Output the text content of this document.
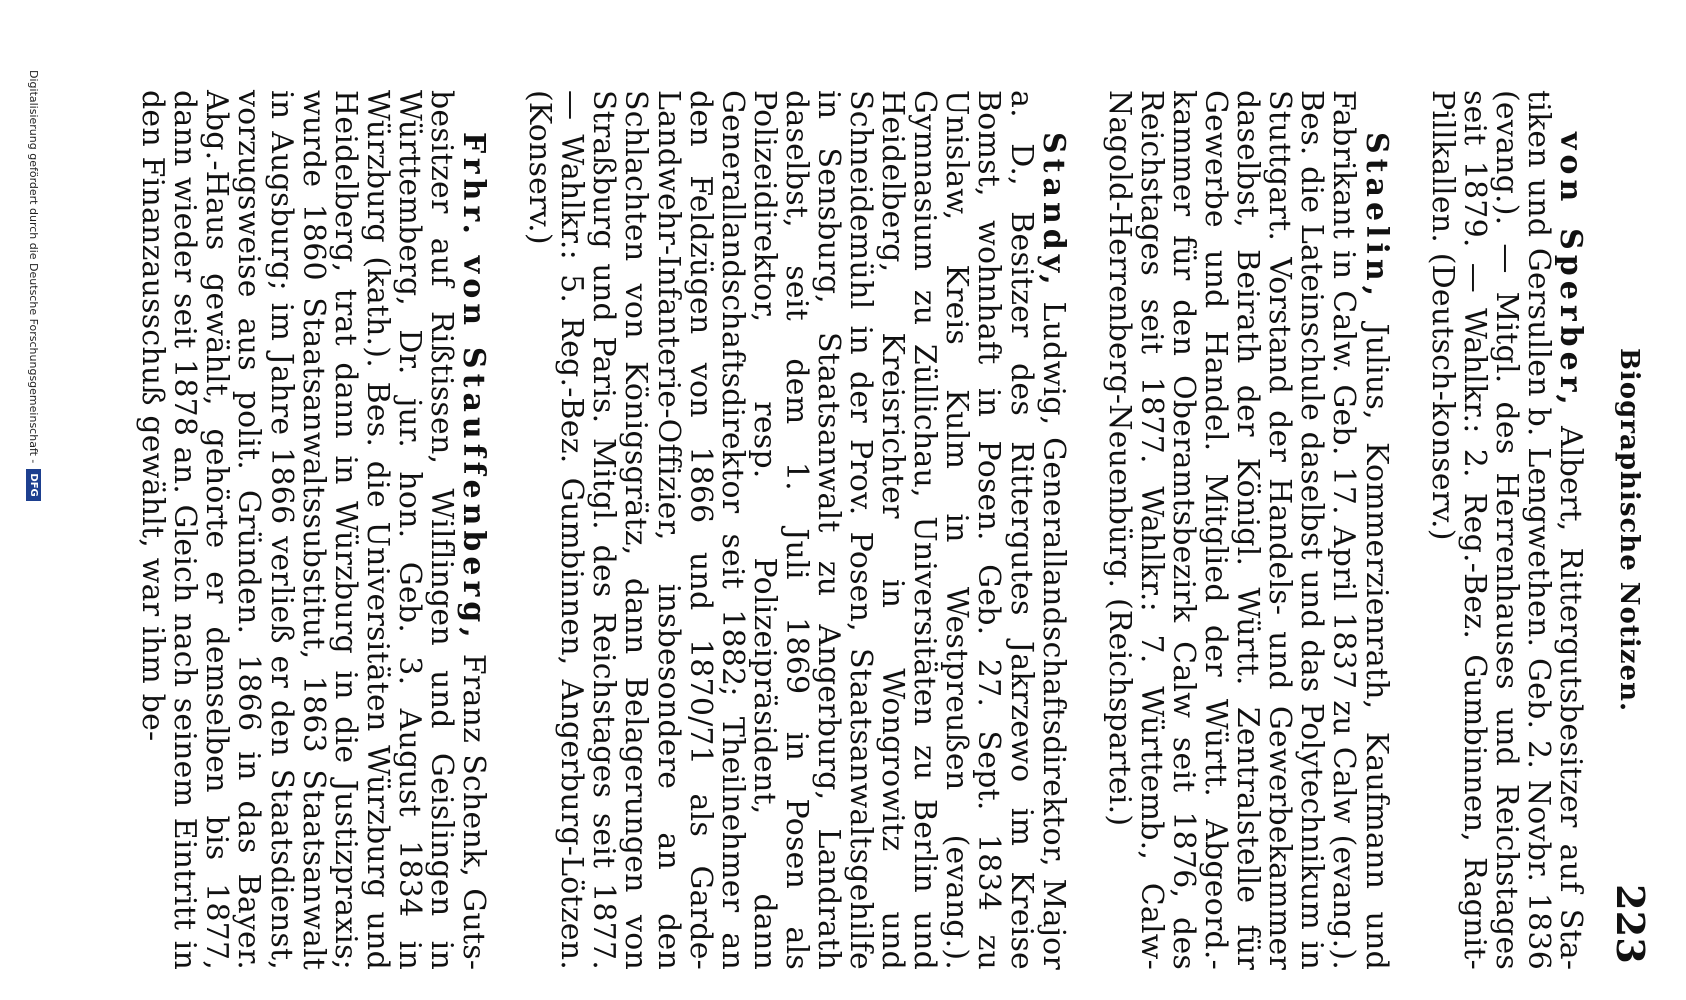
Biographische Notizen.
223

von Sperber, Albert, Rittergutsbesitzer auf Statiken und Gersullen b. Lengwethen. Geb. 2. Novbr. 1836 (evang.). — Mitgl. des Herrenhauses und Reichstages seit 1879. — Wahlkr.: 2. Reg.-Bez. Gumbinnen, Ragnit-Pillkallen. (Deutsch-konserv.)

Staelin, Julius, Kommerzienrath, Kaufmann und Fabrikant in Calw. Geb. 17. April 1837 zu Calw (evang.). Bes. die Lateinschule daselbst und das Polytechnikum in Stuttgart. Vorstand der Handels- und Gewerbekammer daselbst, Beirath der Königl. Württ. Zentralstelle für Gewerbe und Handel. Mitglied der Württ. Abgeord.-kammer für den Oberamtsbezirk Calw seit 1876, des Reichstages seit 1877. Wahlkr.: 7. Württemb., Calw-Nagold-Herrenberg-Neuenbürg. (Reichspartei.)

Standy, Ludwig, Generallandschaftsdirektor, Major a. D., Besitzer des Rittergutes Jakrzewo im Kreise Bomst, wohnhaft in Posen. Geb. 27. Sept. 1834 zu Unislaw, Kreis Kulm in Westpreußen (evang.). Gymnasium zu Züllichau, Universitäten zu Berlin und Heidelberg, Kreisrichter in Wongrowitz und Schneidemühl in der Prov. Posen, Staatsanwaltsgehilfe in Sensburg, Staatsanwalt zu Angerburg, Landrath daselbst, seit dem 1. Juli 1869 in Posen als Polizeidirektor, resp. Polizeipräsident, dann Generallandschaftsdirektor seit 1882; Theilnehmer an den Feldzügen von 1866 und 1870/71 als Garde-Landwehr-Infanterie-Offizier, insbesondere an den Schlachten von Königsgrätz, dann Belagerungen von Straßburg und Paris. Mitgl. des Reichstages seit 1877. — Wahlkr.: 5. Reg.-Bez. Gumbinnen, Angerburg-Lötzen. (Konserv.)

Frhr. von Stauffenberg, Franz Schenk, Gutsbesitzer auf Rißtissen, Wilflingen und Geislingen in Württemberg, Dr. jur. hon. Geb. 3. August 1834 in Würzburg (kath.). Bes. die Universitäten Würzburg und Heidelberg, trat dann in Würzburg in die Justizpraxis; wurde 1860 Staatsanwaltssubstitut, 1863 Staatsanwalt in Augsburg; im Jahre 1866 verließ er den Staatsdienst, vorzugsweise aus polit. Gründen. 1866 in das Bayer. Abg.-Haus gewählt, gehörte er demselben bis 1877, dann wieder seit 1878 an. Gleich nach seinem Eintritt in den Finanzausschuß gewählt, war ihm be-

Digitalisierung gefördert durch die Deutsche Forschungsgemeinschaft -
DFG
